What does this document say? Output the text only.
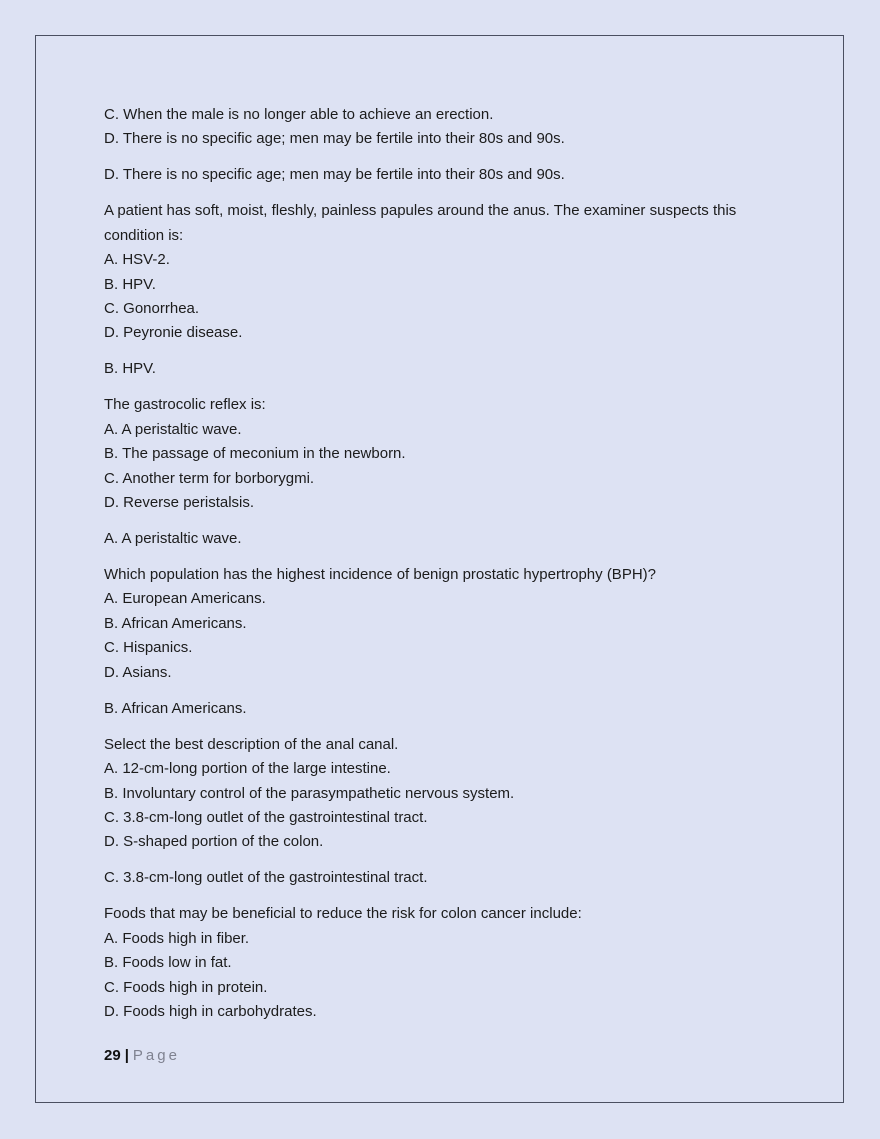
C. When the male is no longer able to achieve an erection.
D. There is no specific age; men may be fertile into their 80s and 90s.
D. There is no specific age; men may be fertile into their 80s and 90s.
A patient has soft, moist, fleshly, painless papules around the anus. The examiner suspects this
condition is:
A. HSV-2.
B. HPV.
C. Gonorrhea.
D. Peyronie disease.
B. HPV.
The gastrocolic reflex is:
A. A peristaltic wave.
B. The passage of meconium in the newborn.
C. Another term for borborygmi.
D. Reverse peristalsis.
A. A peristaltic wave.
Which population has the highest incidence of benign prostatic hypertrophy (BPH)?
A. European Americans.
B. African Americans.
C. Hispanics.
D. Asians.
B. African Americans.
Select the best description of the anal canal.
A. 12-cm-long portion of the large intestine.
B. Involuntary control of the parasympathetic nervous system.
C. 3.8-cm-long outlet of the gastrointestinal tract.
D. S-shaped portion of the colon.
C. 3.8-cm-long outlet of the gastrointestinal tract.
Foods that may be beneficial to reduce the risk for colon cancer include:
A. Foods high in fiber.
B. Foods low in fat.
C. Foods high in protein.
D. Foods high in carbohydrates.
29 | Page
